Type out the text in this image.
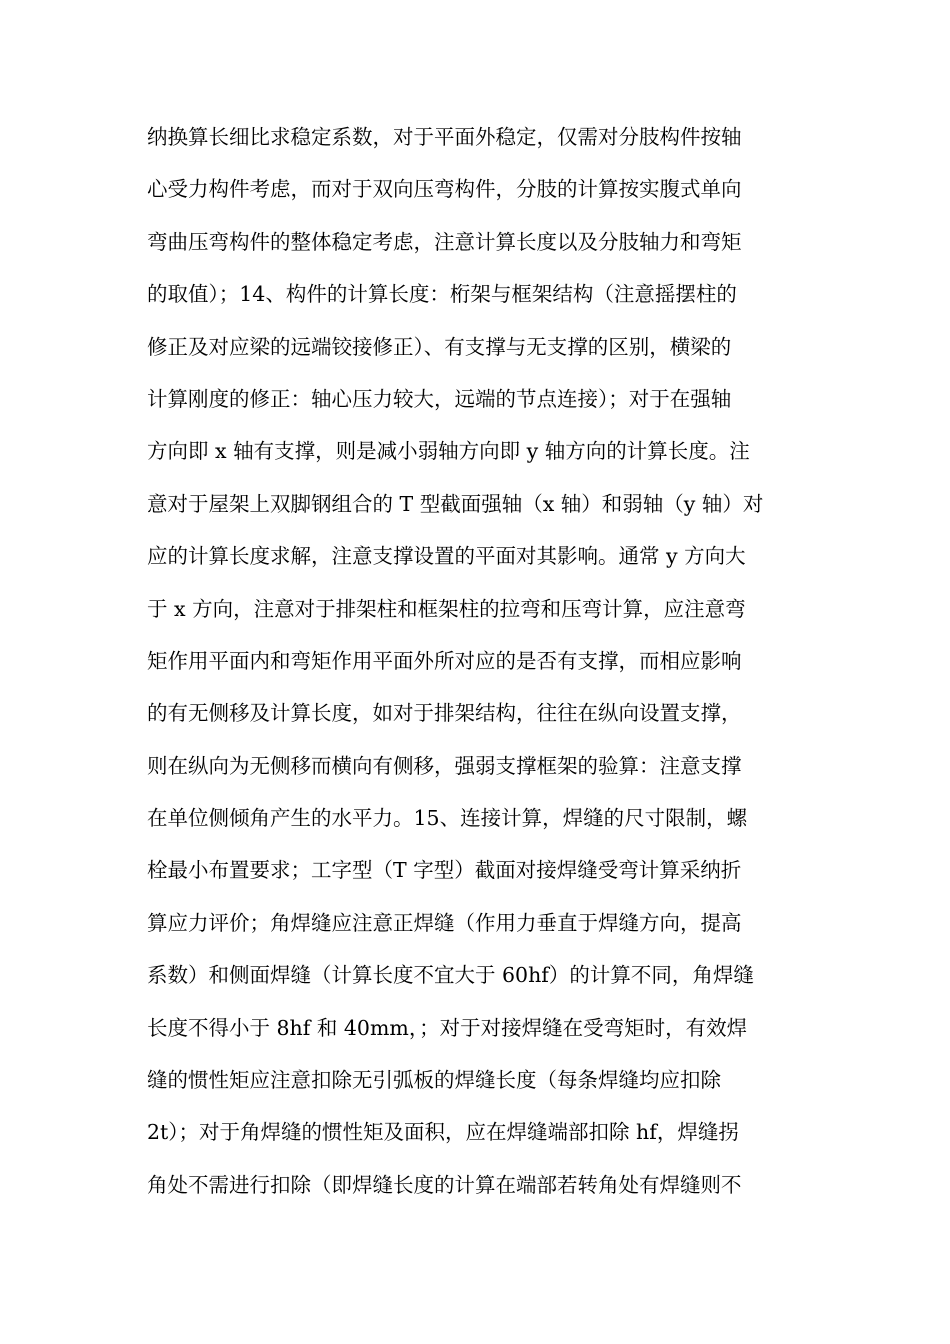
纳换算长细比求稳定系数，对于平面外稳定，仅需对分肢构件按轴
心受力构件考虑，而对于双向压弯构件，分肢的计算按实腹式单向
弯曲压弯构件的整体稳定考虑，注意计算长度以及分肢轴力和弯矩
的取值）；14、构件的计算长度：桁架与框架结构（注意摇摆柱的
修正及对应梁的远端铰接修正）、有支撑与无支撑的区别，横梁的
计算刚度的修正：轴心压力较大，远端的节点连接）；对于在强轴
方向即 x 轴有支撑，则是减小弱轴方向即 y 轴方向的计算长度。注
意对于屋架上双脚钢组合的 T 型截面强轴（x 轴）和弱轴（y 轴）对
应的计算长度求解，注意支撑设置的平面对其影响。通常 y 方向大
于 x 方向，注意对于排架柱和框架柱的拉弯和压弯计算，应注意弯
矩作用平面内和弯矩作用平面外所对应的是否有支撑，而相应影响
的有无侧移及计算长度，如对于排架结构，往往在纵向设置支撑，
则在纵向为无侧移而横向有侧移，强弱支撑框架的验算：注意支撑
在单位侧倾角产生的水平力。15、连接计算，焊缝的尺寸限制，螺
栓最小布置要求；工字型（T 字型）截面对接焊缝受弯计算采纳折
算应力评价；角焊缝应注意正焊缝（作用力垂直于焊缝方向，提高
系数）和侧面焊缝（计算长度不宜大于 60hf）的计算不同，角焊缝
长度不得小于 8hf 和 40mm，；对于对接焊缝在受弯矩时，有效焊
缝的惯性矩应注意扣除无引弧板的焊缝长度（每条焊缝均应扣除
2t）；对于角焊缝的惯性矩及面积，应在焊缝端部扣除 hf，焊缝拐
角处不需进行扣除（即焊缝长度的计算在端部若转角处有焊缝则不
